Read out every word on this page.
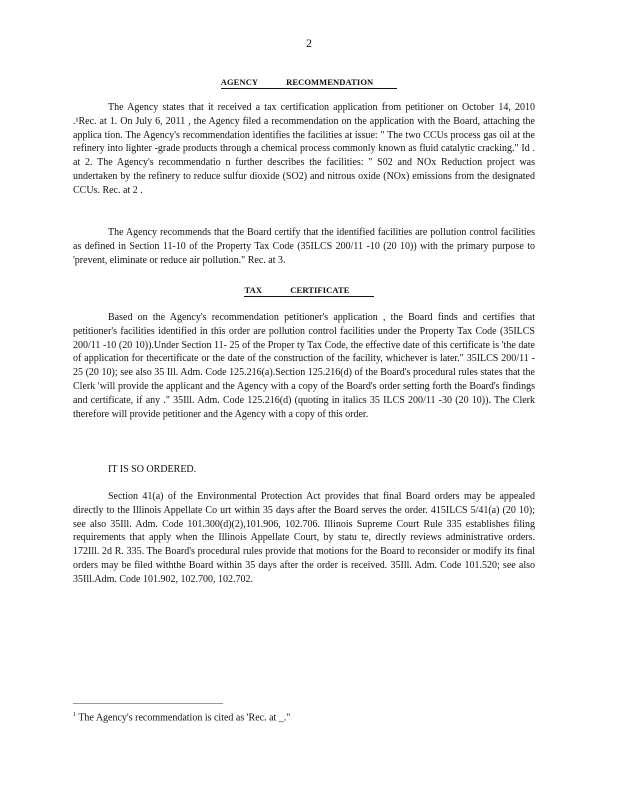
2
AGENCY RECOMMENDATION

The Agency states that it received a tax certification application from petitioner on October 14, 2010 .¹Rec. at 1. On July 6, 2011 , the Agency filed a recommendation on the application with the Board, attaching the applica tion. The Agency's recommendation identifies the facilities at issue: " The two CCUs process gas oil at the refinery into lighter -grade products through a chemical process commonly known as fluid catalytic cracking." Id . at 2. The Agency's recommendatio n further describes the facilities: " S02 and NOx Reduction project was undertaken by the refinery to reduce sulfur dioxide (SO2) and nitrous oxide (NOx) emissions from the designated CCUs. Rec. at 2 .

The Agency recommends that the Board certify that the identified facilities are pollution control facilities as defined in Section 11-10 of the Property Tax Code (35ILCS 200/11 -10 (20 10)) with the primary purpose to 'prevent, eliminate or reduce air pollution." Rec. at 3.

TAX CERTIFICATE

Based on the Agency's recommendation petitioner's application , the Board finds and certifies that petitioner's facilities identified in this order are pollution control facilities under the Property Tax Code (35ILCS 200/11 -10 (20 10)).Under Section 11- 25 of the Proper ty Tax Code, the effective date of this certificate is 'the date of application for thecertificate or the date of the construction of the facility, whichever is later." 35ILCS 200/11 - 25 (20 10); see also 35 Ill. Adm. Code 125.216(a).Section 125.216(d) of the Board's procedural rules states that the Clerk 'will provide the applicant and the Agency with a copy of the Board's order setting forth the Board's findings and certificate, if any ." 35Ill. Adm. Code 125.216(d) (quoting in italics 35 ILCS 200/11 -30 (20 10)). The Clerk therefore will provide petitioner and the Agency with a copy of this order.

IT IS SO ORDERED.

Section 41(a) of the Environmental Protection Act provides that final Board orders may be appealed directly to the Illinois Appellate Co urt within 35 days after the Board serves the order. 415ILCS 5/41(a) (20 10); see also 35Ill. Adm. Code 101.300(d)(2),101.906, 102.706. Illinois Supreme Court Rule 335 establishes filing requirements that apply when the Illinois Appellate Court, by statu te, directly reviews administrative orders. 172Ill. 2d R. 335. The Board's procedural rules provide that motions for the Board to reconsider or modify its final orders may be filed withthe Board within 35 days after the order is received. 35Ill. Adm. Code 101.520; see also 35Ill.Adm. Code 101.902, 102.700, 102.702.

$^1$ The Agency's recommendation is cited as 'Rec. at _."
